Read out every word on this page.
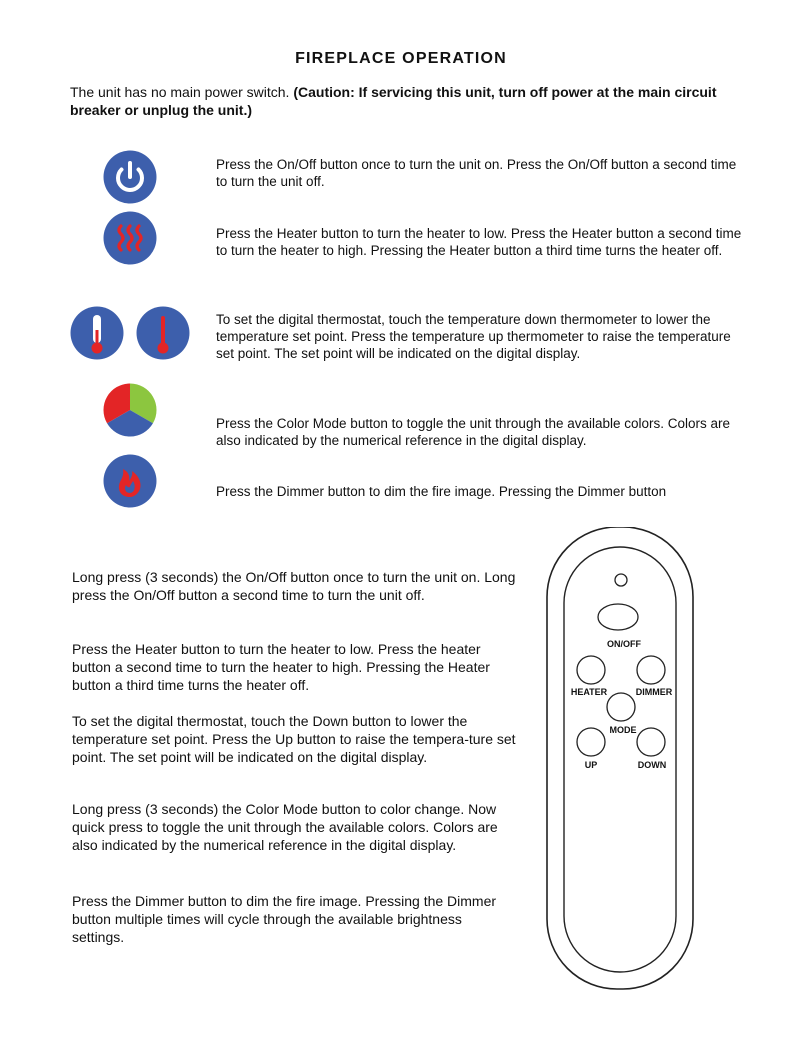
FIREPLACE OPERATION
The unit has no main power switch. (Caution: If servicing this unit, turn off power at the main circuit breaker or unplug the unit.)
Press the On/Off button once to turn the unit on. Press the On/Off button a second time to turn the unit off.
Press the Heater button to turn the heater to low. Press the Heater button a second time to turn the heater to high. Pressing the Heater button a third time turns the heater off.
To set the digital thermostat, touch the temperature down thermometer to lower the temperature set point. Press the temperature up thermometer to raise the temperature set point. The set point will be indicated on the digital display.
Press the Color Mode button to toggle the unit through the available colors. Colors are also indicated by the numerical reference in the digital display.
Press the Dimmer button to dim the fire image. Pressing the Dimmer button
Long press (3 seconds) the On/Off button once to turn the unit on. Long press the On/Off button a second time to turn the unit off.
Press the Heater button to turn the heater to low. Press the heater button a second time to turn the heater to high. Pressing the Heater button a third time turns the heater off.
To set the digital thermostat, touch the Down button to lower the temperature set point. Press the Up button to raise the tempera-ture set point. The set point will be indicated on the digital display.
Long press (3 seconds) the Color Mode button to color change. Now quick press to toggle the unit through the available colors. Colors are also indicated by the numerical reference in the digital display.
Press the Dimmer button to dim the fire image. Pressing the Dimmer button multiple times will cycle through the available brightness settings.
ON/OFF
HEATER	DIMMER
MODE
UP	DOWN
